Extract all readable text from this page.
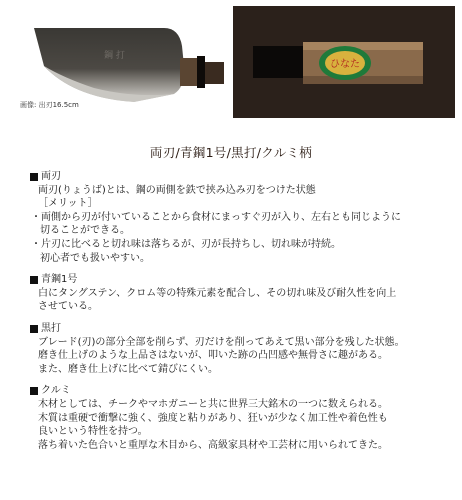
鋼 打
画像: 出刃16.5cm
ひなた
両刃/青鋼1号/黒打/クルミ柄
両刃
両刃(りょうば)とは、鋼の両側を鉄で挟み込み刃をつけた状態
［メリット］
・両側から刃が付いていることから食材にまっすぐ刃が入り、左右とも同じように
切ることができる。
・片刃に比べると切れ味は落ちるが、刃が長持ちし、切れ味が持続。
初心者でも扱いやすい。
青鋼1号
白にタングステン、クロム等の特殊元素を配合し、その切れ味及び耐久性を向上
させている。
黒打
ブレード(刃)の部分全部を削らず、刃だけを削ってあえて黒い部分を残した状態。
磨き仕上げのような上品さはないが、叩いた跡の凸凹感や無骨さに趣がある。
また、磨き仕上げに比べて錆びにくい。
クルミ
木材としては、チークやマホガニーと共に世界三大銘木の一つに数えられる。
木質は重硬で衝撃に強く、強度と粘りがあり、狂いが少なく加工性や着色性も
良いという特性を持つ。
落ち着いた色合いと重厚な木目から、高級家具材や工芸材に用いられてきた。
